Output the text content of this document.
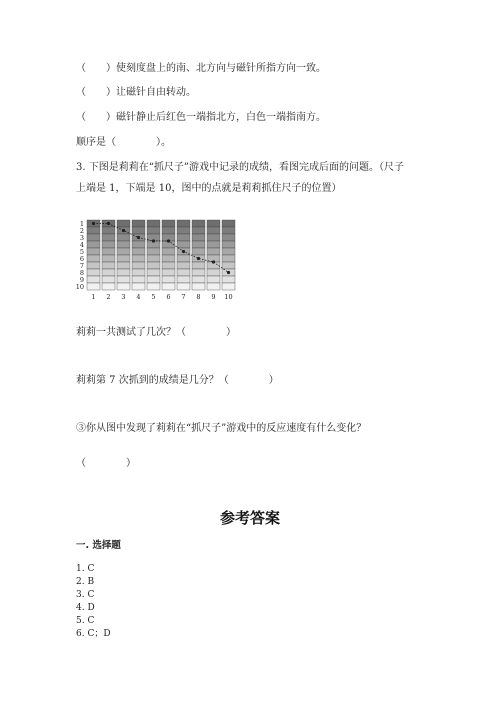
（　　）使刻度盘上的南、北方向与磁针所指方向一致。
（　　）让磁针自由转动。
（　　）磁针静止后红色一端指北方，白色一端指南方。
顺序是（　　　　）。
3. 下图是莉莉在“抓尺子”游戏中记录的成绩，看图完成后面的问题。（尺子
上端是 1，下端是 10，图中的点就是莉莉抓住尺子的位置）
1
2
3
4
5
6
7
8
9
10
1 2 3 4 5 6 7 8 9 10
莉莉一共测试了几次？（　　　　）
莉莉第 7 次抓到的成绩是几分？（　　　　）
③你从图中发现了莉莉在“抓尺子”游戏中的反应速度有什么变化？
（　　　　）
参考答案
一. 选择题
1. C
2. B
3. C
4. D
5. C
6. C；D
